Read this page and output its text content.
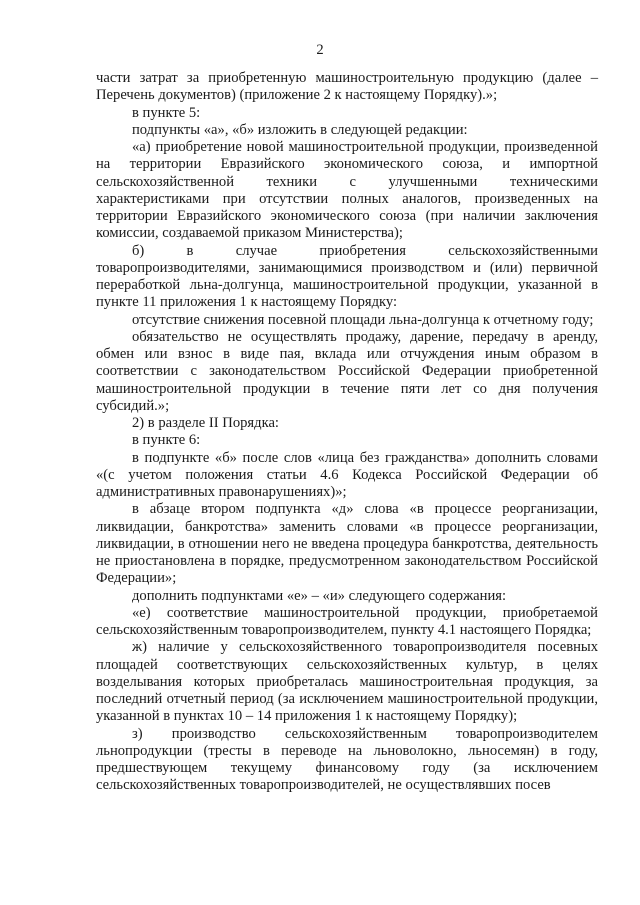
2

части затрат за приобретенную машиностроительную продукцию (далее – Перечень документов) (приложение 2 к настоящему Порядку).»;

в пункте 5:

подпункты «а», «б» изложить в следующей редакции:

«а) приобретение новой машиностроительной продукции, произведенной на территории Евразийского экономического союза, и импортной сельскохозяйственной техники с улучшенными техническими характеристиками при отсутствии полных аналогов, произведенных на территории Евразийского экономического союза (при наличии заключения комиссии, создаваемой приказом Министерства);

б) в случае приобретения сельскохозяйственными товаропроизводителями, занимающимися производством и (или) первичной переработкой льна-долгунца, машиностроительной продукции, указанной в пункте 11 приложения 1 к настоящему Порядку:

отсутствие снижения посевной площади льна-долгунца к отчетному году;

обязательство не осуществлять продажу, дарение, передачу в аренду, обмен или взнос в виде пая, вклада или отчуждения иным образом в соответствии с законодательством Российской Федерации приобретенной машиностроительной продукции в течение пяти лет со дня получения субсидий.»;

2) в разделе II Порядка:

в пункте 6:

в подпункте «б» после слов «лица без гражданства» дополнить словами «(с учетом положения статьи 4.6 Кодекса Российской Федерации об административных правонарушениях)»;

в абзаце втором подпункта «д» слова «в процессе реорганизации, ликвидации, банкротства» заменить словами «в процессе реорганизации, ликвидации, в отношении него не введена процедура банкротства, деятельность не приостановлена в порядке, предусмотренном законодательством Российской Федерации»;

дополнить подпунктами «е» – «и» следующего содержания:

«е) соответствие машиностроительной продукции, приобретаемой сельскохозяйственным товаропроизводителем, пункту 4.1 настоящего Порядка;

ж) наличие у сельскохозяйственного товаропроизводителя посевных площадей соответствующих сельскохозяйственных культур, в целях возделывания которых приобреталась машиностроительная продукция, за последний отчетный период (за исключением машиностроительной продукции, указанной в пунктах 10 – 14 приложения 1 к настоящему Порядку);

з) производство сельскохозяйственным товаропроизводителем льнопродукции (тресты в переводе на льноволокно, льносемян) в году, предшествующем текущему финансовому году (за исключением сельскохозяйственных товаропроизводителей, не осуществлявших посев
